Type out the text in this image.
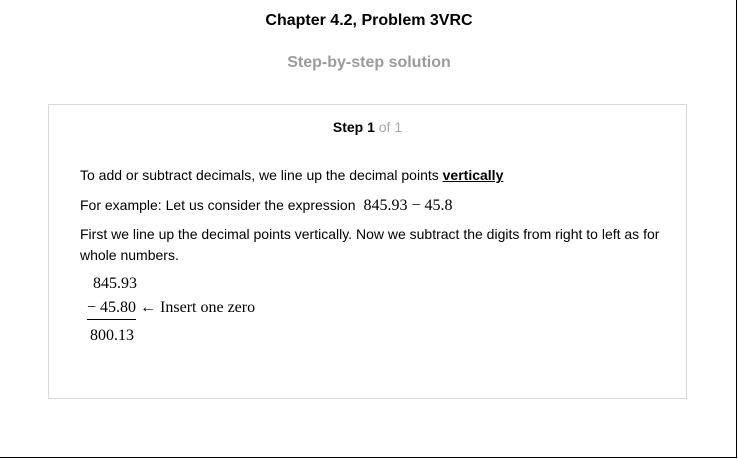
Chapter 4.2, Problem 3VRC
Step-by-step solution
Step 1 of 1
To add or subtract decimals, we line up the decimal points vertically
For example: Let us consider the expression 845.93 − 45.8
First we line up the decimal points vertically. Now we subtract the digits from right to left as for whole numbers.
845.93
− 45.80 ← Insert one zero
800.13
